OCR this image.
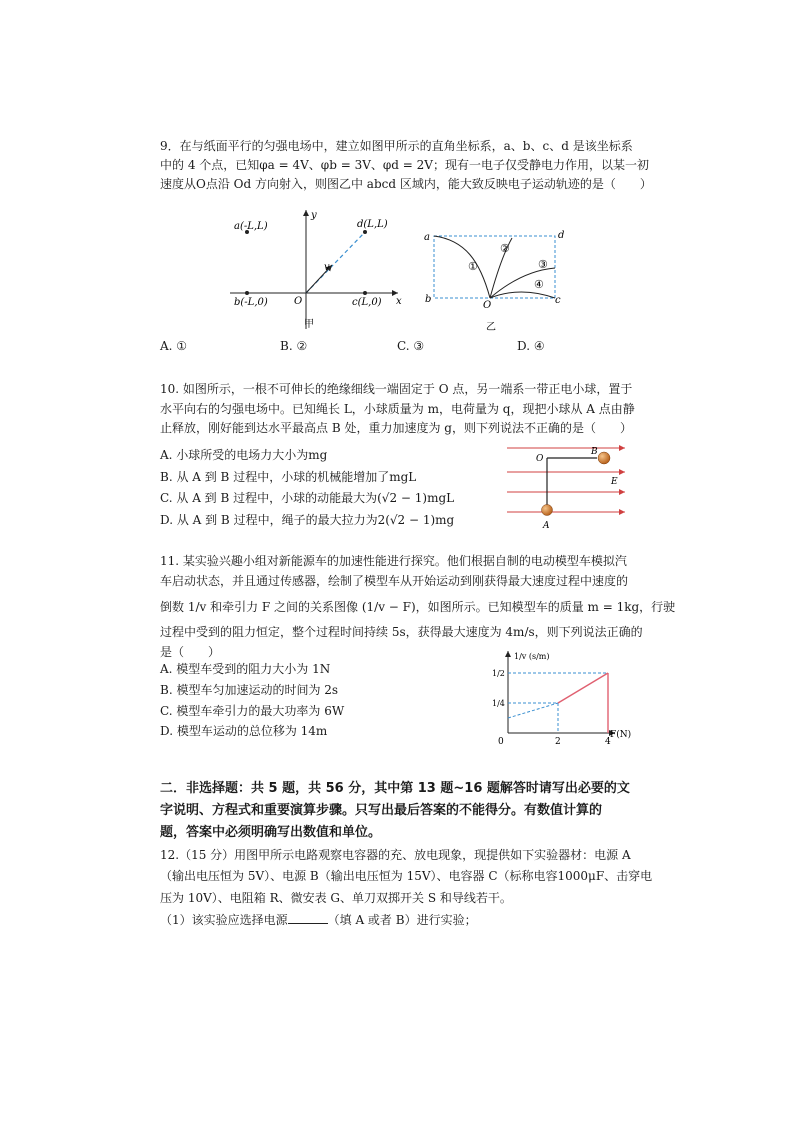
9．在与纸面平行的匀强电场中，建立如图甲所示的直角坐标系，a、b、c、d 是该坐标系
中的 4 个点，已知φa = 4V、φb = 3V、φd = 2V；现有一电子仅受静电力作用，以某一初
速度从O点沿 Od 方向射入，则图乙中 abcd 区域内，能大致反映电子运动轨迹的是（　　）
y
x
O
v
a(-L,L)	d(L,L)
b(-L,0)	c(L,0)
甲
a	d
b	c
O
①
②
③
④
乙
A. ①	B. ②	C. ③	D. ④
10. 如图所示，一根不可伸长的绝缘细线一端固定于 O 点，另一端系一带正电小球，置于
水平向右的匀强电场中。已知绳长 L，小球质量为 m，电荷量为 q，现把小球从 A 点由静
止释放，刚好能到达水平最高点 B 处，重力加速度为 g，则下列说法不正确的是（　　）
A. 小球所受的电场力大小为mg
B. 从 A 到 B 过程中，小球的机械能增加了mgL
C. 从 A 到 B 过程中，小球的动能最大为(√2 − 1)mgL
D. 从 A 到 B 过程中，绳子的最大拉力为2(√2 − 1)mg
O
B
E
A
11. 某实验兴趣小组对新能源车的加速性能进行探究。他们根据自制的电动模型车模拟汽
车启动状态，并且通过传感器，绘制了模型车从开始运动到刚获得最大速度过程中速度的
倒数 1/v 和牵引力 F 之间的关系图像 (1/v − F)，如图所示。已知模型车的质量 m = 1kg，行驶
过程中受到的阻力恒定，整个过程时间持续 5s，获得最大速度为 4m/s，则下列说法正确的
是（　　）
A. 模型车受到的阻力大小为 1N
B. 模型车匀加速运动的时间为 2s
C. 模型车牵引力的最大功率为 6W
D. 模型车运动的总位移为 14m
1/v (s/m)
F(N)
0	2	4
1/4
1/2
二．非选择题：共 5 题，共 56 分，其中第 13 题~16 题解答时请写出必要的文
字说明、方程式和重要演算步骤。只写出最后答案的不能得分。有数值计算的
题，答案中必须明确写出数值和单位。
12.（15 分）用图甲所示电路观察电容器的充、放电现象，现提供如下实验器材：电源 A
（输出电压恒为 5V）、电源 B（输出电压恒为 15V）、电容器 C（标称电容1000μF、击穿电
压为 10V）、电阻箱 R、微安表 G、单刀双掷开关 S 和导线若干。
（1）该实验应选择电源	（填 A 或者 B）进行实验；
